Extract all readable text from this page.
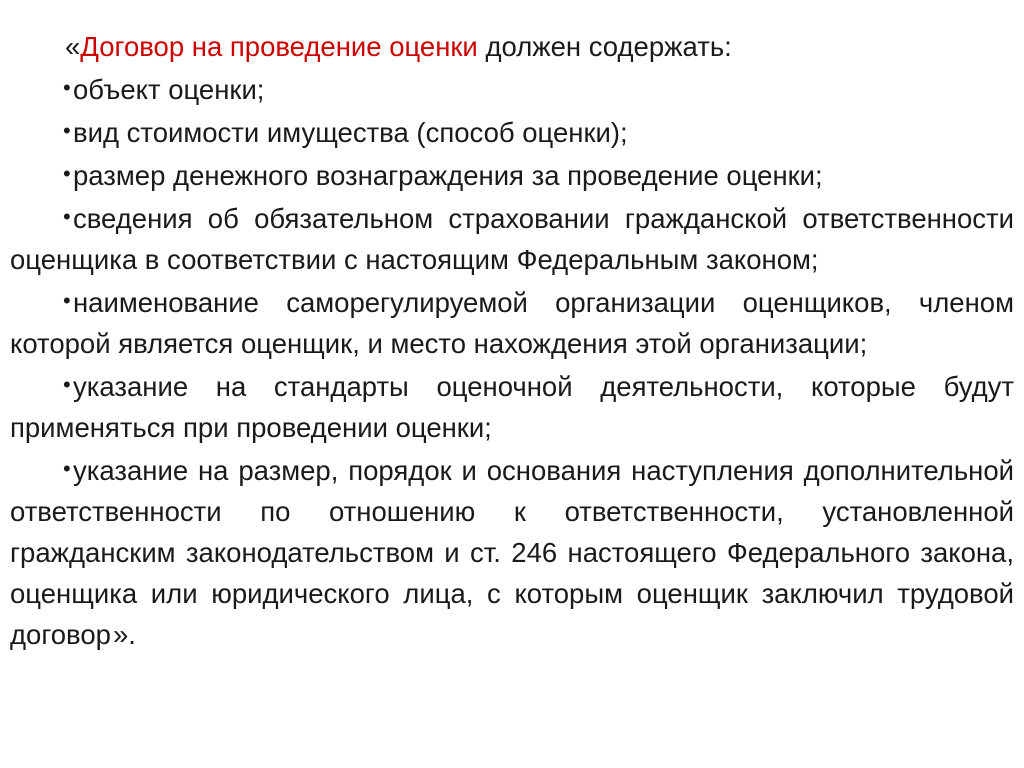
«Договор на проведение оценки должен содержать:

•объект оценки;
•вид стоимости имущества (способ оценки);
•размер денежного вознаграждения за проведение оценки;
•сведения об обязательном страховании гражданской ответственности оценщика в соответствии с настоящим Федеральным законом;
•наименование саморегулируемой организации оценщиков, членом которой является оценщик, и место нахождения этой организации;
•указание на стандарты оценочной деятельности, которые будут применяться при проведении оценки;
•указание на размер, порядок и основания наступления дополнительной ответственности по отношению к ответственности, установленной гражданским законодательством и ст. 246 настоящего Федерального закона, оценщика или юридического лица, с которым оценщик заключил трудовой договор».
